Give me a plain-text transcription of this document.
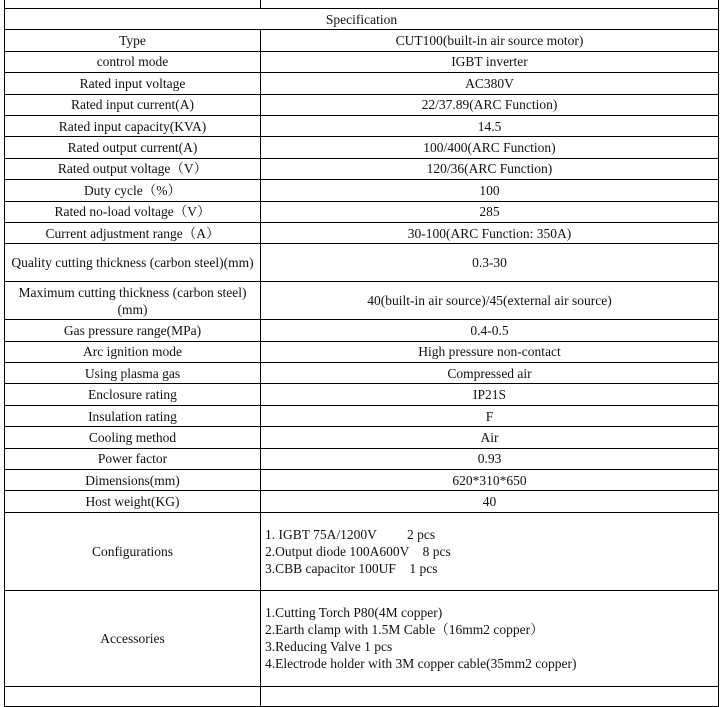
Specification	
Type	CUT100(built-in air source motor)
control mode	IGBT inverter
Rated input voltage	AC380V
Rated input current(A)	22/37.89(ARC Function)
Rated input capacity(KVA)	14.5
Rated output current(A)	100/400(ARC Function)
Rated output voltage（V）	120/36(ARC Function)
Duty cycle（%）	100
Rated no-load voltage（V）	285
Current adjustment range（A）	30-100(ARC Function: 350A)
Quality cutting thickness (carbon steel)(mm)	0.3-30
Maximum cutting thickness (carbon steel)(mm)	40(built-in air source)/45(external air source)
Gas pressure range(MPa)	0.4-0.5
Arc ignition mode	High pressure non-contact
Using plasma gas	Compressed air
Enclosure rating	IP21S
Insulation rating	F
Cooling method	Air
Power factor	0.93
Dimensions(mm)	620*310*650
Host weight(KG)	40
Configurations	1. IGBT 75A/1200V 　　2 pcs
2.Output diode 100A600V　8 pcs
3.CBB capacitor 100UF　1 pcs

Accessories	1.Cutting Torch P80(4M copper)
2.Earth clamp with 1.5M Cable（16mm2 copper）
3.Reducing Valve 1 pcs
4.Electrode holder with 3M copper cable(35mm2 copper)
